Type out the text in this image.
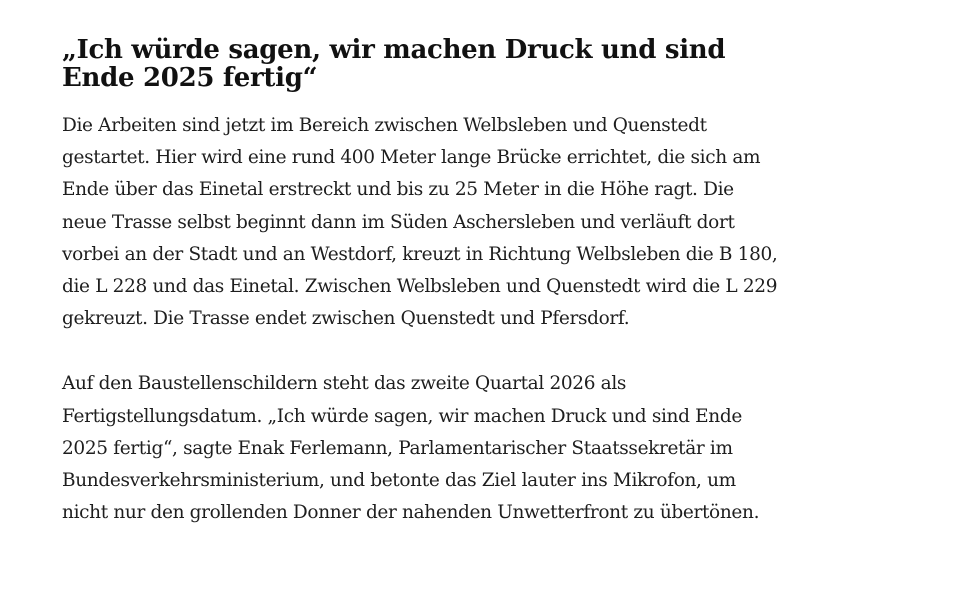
„Ich würde sagen, wir machen Druck und sind Ende 2025 fertig“

Die Arbeiten sind jetzt im Bereich zwischen Welbsleben und Quenstedt gestartet. Hier wird eine rund 400 Meter lange Brücke errichtet, die sich am Ende über das Einetal erstreckt und bis zu 25 Meter in die Höhe ragt. Die neue Trasse selbst beginnt dann im Süden Aschersleben und verläuft dort vorbei an der Stadt und an Westdorf, kreuzt in Richtung Welbsleben die B 180, die L 228 und das Einetal. Zwischen Welbsleben und Quenstedt wird die L 229 gekreuzt. Die Trasse endet zwischen Quenstedt und Pfersdorf.

Auf den Baustellenschildern steht das zweite Quartal 2026 als Fertigstellungsdatum. „Ich würde sagen, wir machen Druck und sind Ende 2025 fertig“, sagte Enak Ferlemann, Parlamentarischer Staatssekretär im Bundesverkehrsministerium, und betonte das Ziel lauter ins Mikrofon, um nicht nur den grollenden Donner der nahenden Unwetterfront zu übertönen.
